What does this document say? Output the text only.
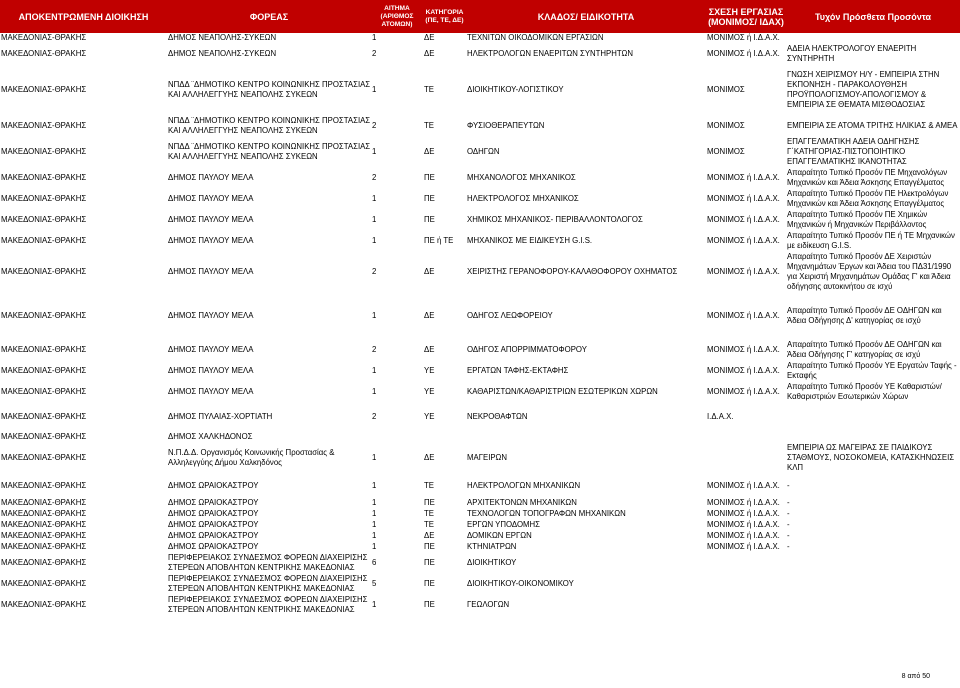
ΑΠΟΚΕΝΤΡΩΜΕΝΗ ΔΙΟΙΚΗΣΗ	ΦΟΡΕΑΣ	ΑΙΤΗΜΑ (ΑΡΙΘΜΟΣ ΑΤΟΜΩΝ)	ΚΑΤΗΓΟΡΙΑ (ΠΕ, ΤΕ, ΔΕ)	ΚΛΑΔΟΣ/ ΕΙΔΙΚΟΤΗΤΑ	ΣΧΕΣΗ ΕΡΓΑΣΙΑΣ (ΜΟΝΙΜΟΣ/ ΙΔΑΧ)	Τυχόν Πρόσθετα Προσόντα
ΜΑΚΕΔΟΝΙΑΣ-ΘΡΑΚΗΣ	ΔΗΜΟΣ ΝΕΑΠΟΛΗΣ-ΣΥΚΕΩΝ	1	ΔΕ	ΤΕΧΝΙΤΩΝ ΟΙΚΟΔΟΜΙΚΩΝ ΕΡΓΑΣΙΩΝ	ΜΟΝΙΜΟΣ ή Ι.Δ.Α.Χ.	
ΜΑΚΕΔΟΝΙΑΣ-ΘΡΑΚΗΣ	ΔΗΜΟΣ ΝΕΑΠΟΛΗΣ-ΣΥΚΕΩΝ	2	ΔΕ	ΗΛΕΚΤΡΟΛΟΓΩΝ ΕΝΑΕΡΙΤΩΝ ΣΥΝΤΗΡΗΤΩΝ	ΜΟΝΙΜΟΣ ή Ι.Δ.Α.Χ.	ΑΔΕΙΑ ΗΛΕΚΤΡΟΛΟΓΟΥ ΕΝΑΕΡΙΤΗ ΣΥΝΤΗΡΗΤΗ
ΜΑΚΕΔΟΝΙΑΣ-ΘΡΑΚΗΣ	ΝΠΔΔ ¨ΔΗΜΟΤΙΚΟ ΚΕΝΤΡΟ ΚΟΙΝΩΝΙΚΗΣ ΠΡΟΣΤΑΣΙΑΣ ΚΑΙ ΑΛΛΗΛΕΓΓΥΗΣ ΝΕΑΠΟΛΗΣ ΣΥΚΕΩΝ	1	ΤΕ	ΔΙΟΙΚΗΤΙΚΟΥ-ΛΟΓΙΣΤΙΚΟΥ	ΜΟΝΙΜΟΣ	ΓΝΩΣΗ ΧΕΙΡΙΣΜΟΥ Η/Υ - ΕΜΠΕΙΡΙΑ ΣΤΗΝ ΕΚΠΟΝΗΣΗ - ΠΑΡΑΚΟΛΟΥΘΗΣΗ ΠΡΟΫΠΟΛΟΓΙΣΜΟΥ-ΑΠΟΛΟΓΙΣΜΟΥ & ΕΜΠΕΙΡΙΑ ΣΕ ΘΕΜΑΤΑ ΜΙΣΘΟΔΟΣΙΑΣ
ΜΑΚΕΔΟΝΙΑΣ-ΘΡΑΚΗΣ	ΝΠΔΔ ¨ΔΗΜΟΤΙΚΟ ΚΕΝΤΡΟ ΚΟΙΝΩΝΙΚΗΣ ΠΡΟΣΤΑΣΙΑΣ ΚΑΙ ΑΛΛΗΛΕΓΓΥΗΣ ΝΕΑΠΟΛΗΣ ΣΥΚΕΩΝ	2	ΤΕ	ΦΥΣΙΟΘΕΡΑΠΕΥΤΩΝ	ΜΟΝΙΜΟΣ	ΕΜΠΕΙΡΙΑ ΣΕ ΑΤΟΜΑ ΤΡΙΤΗΣ ΗΛΙΚΙΑΣ & ΑΜΕΑ
ΜΑΚΕΔΟΝΙΑΣ-ΘΡΑΚΗΣ	ΝΠΔΔ ¨ΔΗΜΟΤΙΚΟ ΚΕΝΤΡΟ ΚΟΙΝΩΝΙΚΗΣ ΠΡΟΣΤΑΣΙΑΣ ΚΑΙ ΑΛΛΗΛΕΓΓΥΗΣ ΝΕΑΠΟΛΗΣ ΣΥΚΕΩΝ	1	ΔΕ	ΟΔΗΓΩΝ	ΜΟΝΙΜΟΣ	ΕΠΑΓΓΕΛΜΑΤΙΚΗ ΑΔΕΙΑ ΟΔΗΓΗΣΗΣ Γ΄ΚΑΤΗΓΟΡΙΑΣ-ΠΙΣΤΟΠΟΙΗΤΙΚΟ ΕΠΑΓΓΕΛΜΑΤΙΚΗΣ ΙΚΑΝΟΤΗΤΑΣ
ΜΑΚΕΔΟΝΙΑΣ-ΘΡΑΚΗΣ	ΔΗΜΟΣ ΠΑΥΛΟΥ ΜΕΛΑ	2	ΠΕ	ΜΗΧΑΝΟΛΟΓΟΣ ΜΗΧΑΝΙΚΟΣ	ΜΟΝΙΜΟΣ ή Ι.Δ.Α.Χ.	Απαραίτητο Τυπικό Προσόν ΠΕ Μηχανολόγων Μηχανικών και Άδεια Άσκησης Επαγγέλματος
ΜΑΚΕΔΟΝΙΑΣ-ΘΡΑΚΗΣ	ΔΗΜΟΣ ΠΑΥΛΟΥ ΜΕΛΑ	1	ΠΕ	ΗΛΕΚΤΡΟΛΟΓΟΣ ΜΗΧΑΝΙΚΟΣ	ΜΟΝΙΜΟΣ ή Ι.Δ.Α.Χ.	Απαραίτητο Τυπικό Προσόν ΠΕ Ηλεκτρολόγων Μηχανικών και Άδεια Άσκησης Επαγγέλματος
ΜΑΚΕΔΟΝΙΑΣ-ΘΡΑΚΗΣ	ΔΗΜΟΣ ΠΑΥΛΟΥ ΜΕΛΑ	1	ΠΕ	ΧΗΜΙΚΟΣ ΜΗΧΑΝΙΚΟΣ- ΠΕΡΙΒΑΛΛΟΝΤΟΛΟΓΟΣ	ΜΟΝΙΜΟΣ ή Ι.Δ.Α.Χ.	Απαραίτητο Τυπικό Προσόν ΠΕ Χημικών Μηχανικών ή Μηχανικών Περιβάλλοντος
ΜΑΚΕΔΟΝΙΑΣ-ΘΡΑΚΗΣ	ΔΗΜΟΣ ΠΑΥΛΟΥ ΜΕΛΑ	1	ΠΕ ή ΤΕ	ΜΗΧΑΝΙΚΟΣ ΜΕ ΕΙΔΙΚΕΥΣΗ G.I.S.	ΜΟΝΙΜΟΣ ή Ι.Δ.Α.Χ.	Απαραίτητο Τυπικό Προσόν ΠΕ ή ΤΕ Μηχανικών με ειδίκευση G.I.S.
ΜΑΚΕΔΟΝΙΑΣ-ΘΡΑΚΗΣ	ΔΗΜΟΣ ΠΑΥΛΟΥ ΜΕΛΑ	2	ΔΕ	ΧΕΙΡΙΣΤΗΣ ΓΕΡΑΝΟΦΟΡΟΥ-ΚΑΛΑΘΟΦΟΡΟΥ ΟΧΗΜΑΤΟΣ	ΜΟΝΙΜΟΣ ή Ι.Δ.Α.Χ.	Απαραίτητο Τυπικό Προσόν ΔΕ Χειριστών Μηχανημάτων Έργων και Άδεια του ΠΔ31/1990 για Χειριστή Μηχανημάτων Ομάδας Γ' και Άδεια οδήγησης αυτοκινήτου σε ισχύ
ΜΑΚΕΔΟΝΙΑΣ-ΘΡΑΚΗΣ	ΔΗΜΟΣ ΠΑΥΛΟΥ ΜΕΛΑ	1	ΔΕ	ΟΔΗΓΟΣ ΛΕΩΦΟΡΕΙΟΥ	ΜΟΝΙΜΟΣ ή Ι.Δ.Α.Χ.	Απαραίτητο Τυπικό Προσόν ΔΕ ΟΔΗΓΩΝ και Άδεια Οδήγησης Δ' κατηγορίας σε ισχύ
ΜΑΚΕΔΟΝΙΑΣ-ΘΡΑΚΗΣ	ΔΗΜΟΣ ΠΑΥΛΟΥ ΜΕΛΑ	2	ΔΕ	ΟΔΗΓΟΣ ΑΠΟΡΡΙΜΜΑΤΟΦΟΡΟΥ	ΜΟΝΙΜΟΣ ή Ι.Δ.Α.Χ.	Απαραίτητο Τυπικό Προσόν ΔΕ ΟΔΗΓΩΝ και Άδεια Οδήγησης Γ' κατηγορίας σε ισχύ
ΜΑΚΕΔΟΝΙΑΣ-ΘΡΑΚΗΣ	ΔΗΜΟΣ ΠΑΥΛΟΥ ΜΕΛΑ	1	ΥΕ	ΕΡΓΑΤΩΝ ΤΑΦΗΣ-ΕΚΤΑΦΗΣ	ΜΟΝΙΜΟΣ ή Ι.Δ.Α.Χ.	Απαραίτητο Τυπικό Προσόν ΥΕ Εργατών Ταφής - Εκταφής
ΜΑΚΕΔΟΝΙΑΣ-ΘΡΑΚΗΣ	ΔΗΜΟΣ ΠΑΥΛΟΥ ΜΕΛΑ	1	ΥΕ	ΚΑΘΑΡΙΣΤΩΝ/ΚΑΘΑΡΙΣΤΡΙΩΝ ΕΣΩΤΕΡΙΚΩΝ ΧΩΡΩΝ	ΜΟΝΙΜΟΣ ή Ι.Δ.Α.Χ.	Απαραίτητο Τυπικό Προσόν ΥΕ Καθαριστών/ Καθαριστριών Εσωτερικών Χώρων
ΜΑΚΕΔΟΝΙΑΣ-ΘΡΑΚΗΣ	ΔΗΜΟΣ ΠΥΛΑΙΑΣ-ΧΟΡΤΙΑΤΗ	2	ΥΕ	ΝΕΚΡΟΘΑΦΤΩΝ	Ι.Δ.Α.Χ.	
ΜΑΚΕΔΟΝΙΑΣ-ΘΡΑΚΗΣ	ΔΗΜΟΣ ΧΑΛΚΗΔΟΝΟΣ					
ΜΑΚΕΔΟΝΙΑΣ-ΘΡΑΚΗΣ	Ν.Π.Δ.Δ. Οργανισμός Κοινωνικής Προστασίας & Αλληλεγγύης Δήμου Χαλκηδόνος	1	ΔΕ	ΜΑΓΕΙΡΩΝ		ΕΜΠΕΙΡΙΑ ΩΣ ΜΑΓΕΙΡΑΣ ΣΕ ΠΑΙΔΙΚΟΥΣ ΣΤΑΘΜΟΥΣ, ΝΟΣΟΚΟΜΕΙΑ, ΚΑΤΑΣΚΗΝΩΣΕΙΣ ΚΛΠ
ΜΑΚΕΔΟΝΙΑΣ-ΘΡΑΚΗΣ	ΔΗΜΟΣ ΩΡΑΙΟΚΑΣΤΡΟΥ	1	ΤΕ	ΗΛΕΚΤΡΟΛΟΓΩΝ ΜΗΧΑΝΙΚΩΝ	ΜΟΝΙΜΟΣ ή Ι.Δ.Α.Χ.	-
ΜΑΚΕΔΟΝΙΑΣ-ΘΡΑΚΗΣ	ΔΗΜΟΣ ΩΡΑΙΟΚΑΣΤΡΟΥ	1	ΠΕ	ΑΡΧΙΤΕΚΤΟΝΩΝ ΜΗΧΑΝΙΚΩΝ	ΜΟΝΙΜΟΣ ή Ι.Δ.Α.Χ.	-
ΜΑΚΕΔΟΝΙΑΣ-ΘΡΑΚΗΣ	ΔΗΜΟΣ ΩΡΑΙΟΚΑΣΤΡΟΥ	1	ΤΕ	ΤΕΧΝΟΛΟΓΩΝ ΤΟΠΟΓΡΑΦΩΝ ΜΗΧΑΝΙΚΩΝ	ΜΟΝΙΜΟΣ ή Ι.Δ.Α.Χ.	-
ΜΑΚΕΔΟΝΙΑΣ-ΘΡΑΚΗΣ	ΔΗΜΟΣ ΩΡΑΙΟΚΑΣΤΡΟΥ	1	ΤΕ	ΕΡΓΩΝ ΥΠΟΔΟΜΗΣ	ΜΟΝΙΜΟΣ ή Ι.Δ.Α.Χ.	-
ΜΑΚΕΔΟΝΙΑΣ-ΘΡΑΚΗΣ	ΔΗΜΟΣ ΩΡΑΙΟΚΑΣΤΡΟΥ	1	ΔΕ	ΔΟΜΙΚΩΝ ΕΡΓΩΝ	ΜΟΝΙΜΟΣ ή Ι.Δ.Α.Χ.	-
ΜΑΚΕΔΟΝΙΑΣ-ΘΡΑΚΗΣ	ΔΗΜΟΣ ΩΡΑΙΟΚΑΣΤΡΟΥ	1	ΠΕ	ΚΤΗΝΙΑΤΡΩΝ	ΜΟΝΙΜΟΣ ή Ι.Δ.Α.Χ.	-
ΜΑΚΕΔΟΝΙΑΣ-ΘΡΑΚΗΣ	ΠΕΡΙΦΕΡΕΙΑΚΟΣ ΣΥΝΔΕΣΜΟΣ ΦΟΡΕΩΝ ΔΙΑΧΕΙΡΙΣΗΣ ΣΤΕΡΕΩΝ ΑΠΟΒΛΗΤΩΝ ΚΕΝΤΡΙΚΗΣ ΜΑΚΕΔΟΝΙΑΣ	6	ΠΕ	ΔΙΟΙΚΗΤΙΚΟΥ		
ΜΑΚΕΔΟΝΙΑΣ-ΘΡΑΚΗΣ	ΠΕΡΙΦΕΡΕΙΑΚΟΣ ΣΥΝΔΕΣΜΟΣ ΦΟΡΕΩΝ ΔΙΑΧΕΙΡΙΣΗΣ ΣΤΕΡΕΩΝ ΑΠΟΒΛΗΤΩΝ ΚΕΝΤΡΙΚΗΣ ΜΑΚΕΔΟΝΙΑΣ	5	ΠΕ	ΔΙΟΙΚΗΤΙΚΟΥ-ΟΙΚΟΝΟΜΙΚΟΥ		
ΜΑΚΕΔΟΝΙΑΣ-ΘΡΑΚΗΣ	ΠΕΡΙΦΕΡΕΙΑΚΟΣ ΣΥΝΔΕΣΜΟΣ ΦΟΡΕΩΝ ΔΙΑΧΕΙΡΙΣΗΣ ΣΤΕΡΕΩΝ ΑΠΟΒΛΗΤΩΝ ΚΕΝΤΡΙΚΗΣ ΜΑΚΕΔΟΝΙΑΣ	1	ΠΕ	ΓΕΩΛΟΓΩΝ		
8 από 50
